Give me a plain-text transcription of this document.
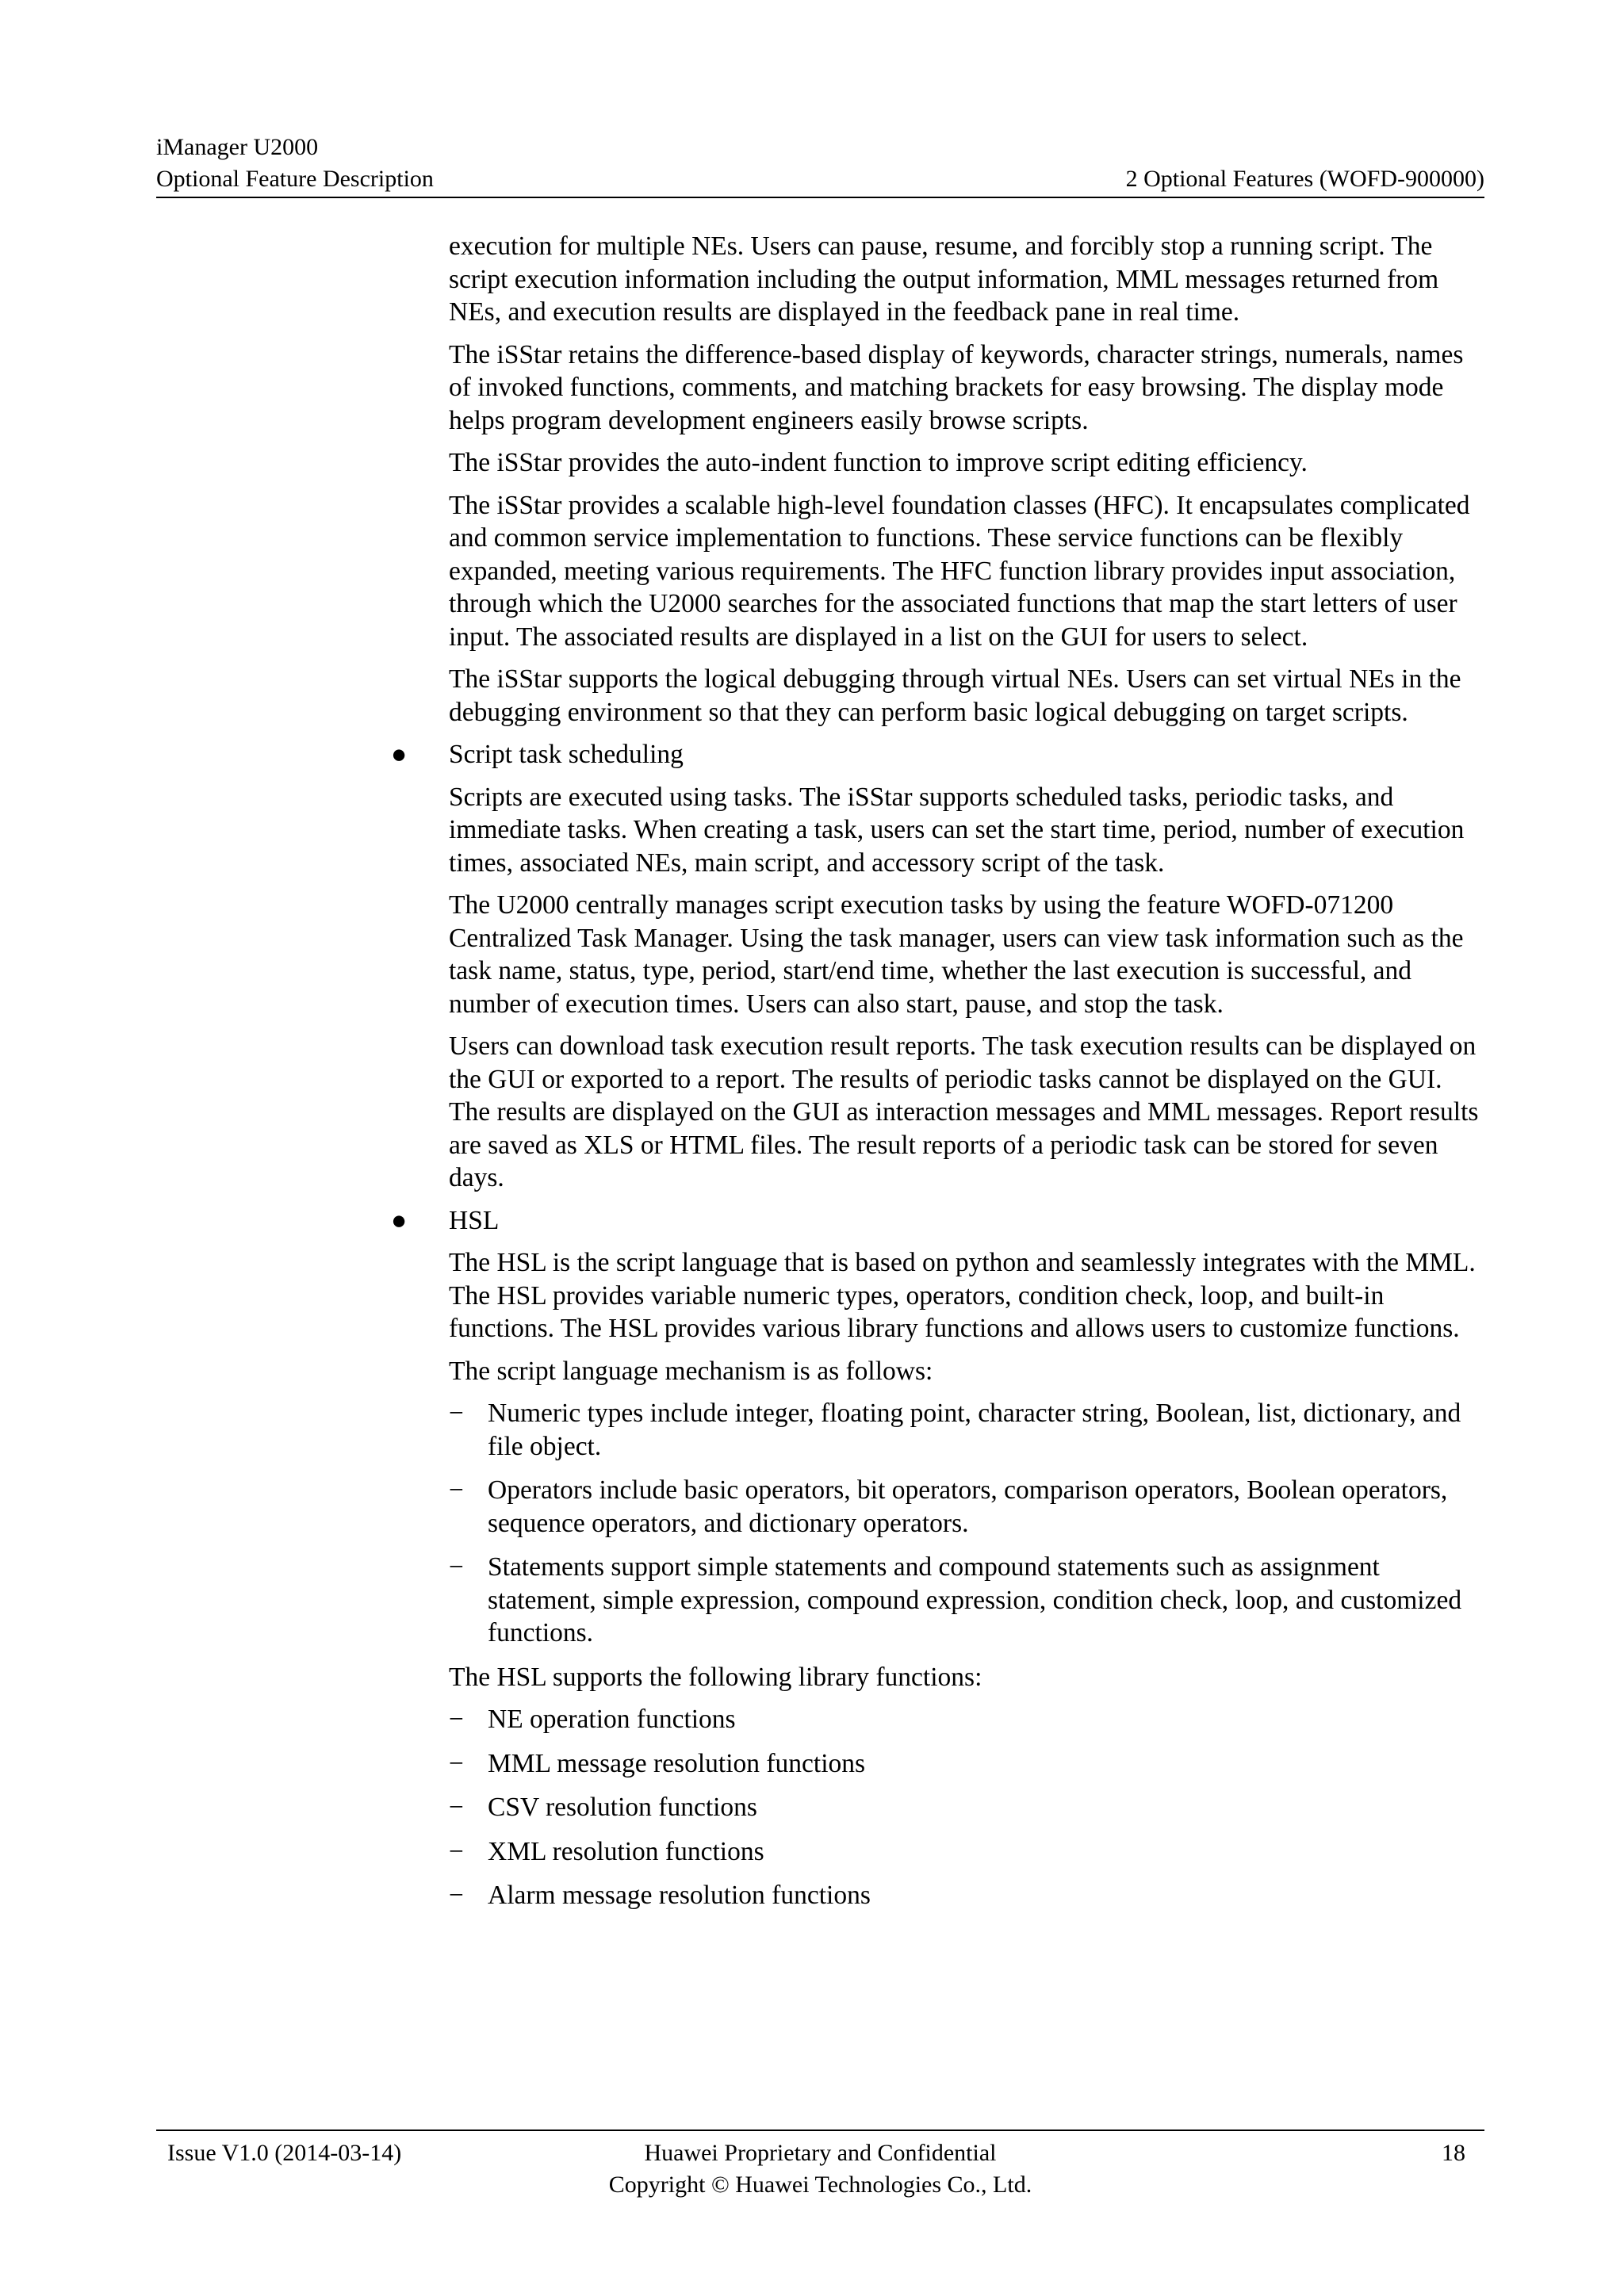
iManager U2000
Optional Feature Description	2 Optional Features (WOFD-900000)

execution for multiple NEs. Users can pause, resume, and forcibly stop a running script. The script execution information including the output information, MML messages returned from NEs, and execution results are displayed in the feedback pane in real time.

The iSStar retains the difference-based display of keywords, character strings, numerals, names of invoked functions, comments, and matching brackets for easy browsing. The display mode helps program development engineers easily browse scripts.

The iSStar provides the auto-indent function to improve script editing efficiency.

The iSStar provides a scalable high-level foundation classes (HFC). It encapsulates complicated and common service implementation to functions. These service functions can be flexibly expanded, meeting various requirements. The HFC function library provides input association, through which the U2000 searches for the associated functions that map the start letters of user input. The associated results are displayed in a list on the GUI for users to select.

The iSStar supports the logical debugging through virtual NEs. Users can set virtual NEs in the debugging environment so that they can perform basic logical debugging on target scripts.

● Script task scheduling

Scripts are executed using tasks. The iSStar supports scheduled tasks, periodic tasks, and immediate tasks. When creating a task, users can set the start time, period, number of execution times, associated NEs, main script, and accessory script of the task.

The U2000 centrally manages script execution tasks by using the feature WOFD-071200 Centralized Task Manager. Using the task manager, users can view task information such as the task name, status, type, period, start/end time, whether the last execution is successful, and number of execution times. Users can also start, pause, and stop the task.

Users can download task execution result reports. The task execution results can be displayed on the GUI or exported to a report. The results of periodic tasks cannot be displayed on the GUI. The results are displayed on the GUI as interaction messages and MML messages. Report results are saved as XLS or HTML files. The result reports of a periodic task can be stored for seven days.

● HSL

The HSL is the script language that is based on python and seamlessly integrates with the MML. The HSL provides variable numeric types, operators, condition check, loop, and built-in functions. The HSL provides various library functions and allows users to customize functions.

The script language mechanism is as follows:

− Numeric types include integer, floating point, character string, Boolean, list, dictionary, and file object.
− Operators include basic operators, bit operators, comparison operators, Boolean operators, sequence operators, and dictionary operators.
− Statements support simple statements and compound statements such as assignment statement, simple expression, compound expression, condition check, loop, and customized functions.

The HSL supports the following library functions:

− NE operation functions
− MML message resolution functions
− CSV resolution functions
− XML resolution functions
− Alarm message resolution functions
Issue V1.0 (2014-03-14)	Huawei Proprietary and Confidential
Copyright © Huawei Technologies Co., Ltd.
18
